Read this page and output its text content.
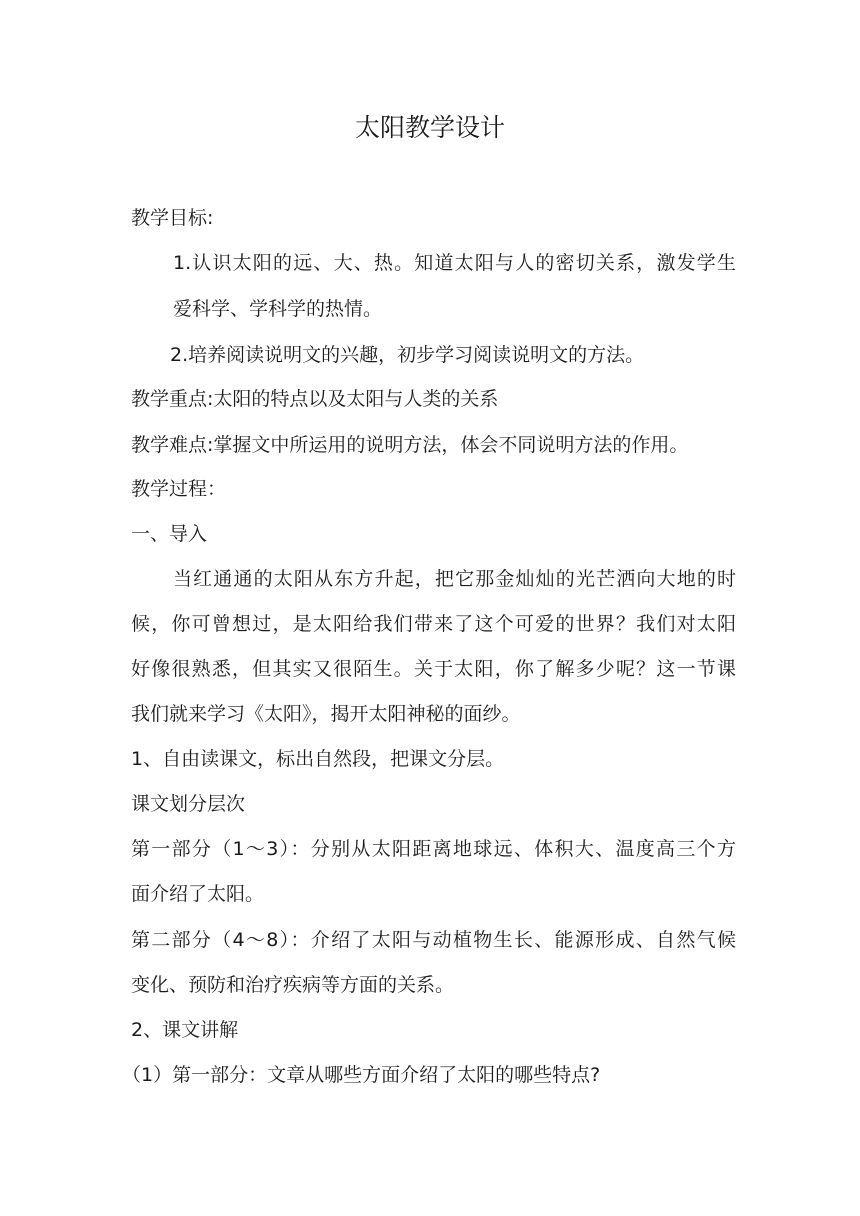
太阳教学设计
教学目标:
1.认识太阳的远、大、热。知道太阳与人的密切关系，激发学生
爱科学、学科学的热情。
2.培养阅读说明文的兴趣，初步学习阅读说明文的方法。
教学重点:太阳的特点以及太阳与人类的关系
教学难点:掌握文中所运用的说明方法，体会不同说明方法的作用。
教学过程：
一、导入
当红通通的太阳从东方升起，把它那金灿灿的光芒洒向大地的时
候，你可曾想过，是太阳给我们带来了这个可爱的世界？我们对太阳
好像很熟悉，但其实又很陌生。关于太阳，你了解多少呢？这一节课
我们就来学习《太阳》，揭开太阳神秘的面纱。
1、自由读课文，标出自然段，把课文分层。
课文划分层次
第一部分（1～3）：分别从太阳距离地球远、体积大、温度高三个方
面介绍了太阳。
第二部分（4～8）：介绍了太阳与动植物生长、能源形成、自然气候
变化、预防和治疗疾病等方面的关系。
2、课文讲解
（1）第一部分：文章从哪些方面介绍了太阳的哪些特点?
